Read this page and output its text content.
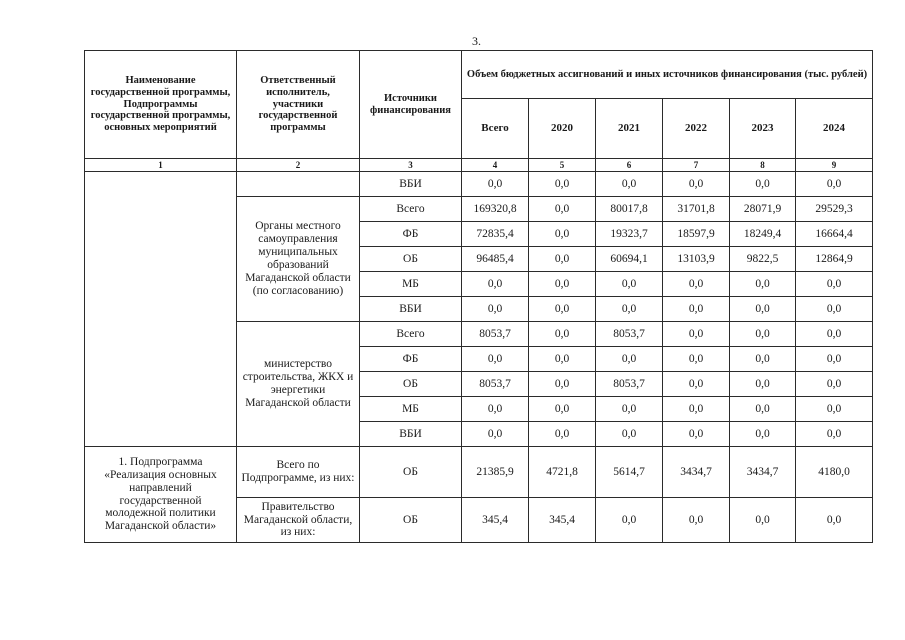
3.
Наименование государственной программы, Подпрограммы государственной программы, основных мероприятий	Ответственный исполнитель, участники государственной программы	Источники финансирования	Объем бюджетных ассигнований и иных источников финансирования (тыс. рублей)					
			Всего	2020	2021	2022	2023	2024
1	2	3	4	5	6	7	8	9
		ВБИ	0,0	0,0	0,0	0,0	0,0	0,0
	Органы местного самоуправления муниципальных образований Магаданской области (по согласованию)	Всего	169320,8	0,0	80017,8	31701,8	28071,9	29529,3
		ФБ	72835,4	0,0	19323,7	18597,9	18249,4	16664,4
		ОБ	96485,4	0,0	60694,1	13103,9	9822,5	12864,9
		МБ	0,0	0,0	0,0	0,0	0,0	0,0
		ВБИ	0,0	0,0	0,0	0,0	0,0	0,0
	министерство строительства, ЖКХ и энергетики Магаданской области	Всего	8053,7	0,0	8053,7	0,0	0,0	0,0
		ФБ	0,0	0,0	0,0	0,0	0,0	0,0
		ОБ	8053,7	0,0	8053,7	0,0	0,0	0,0
		МБ	0,0	0,0	0,0	0,0	0,0	0,0
		ВБИ	0,0	0,0	0,0	0,0	0,0	0,0
1. Подпрограмма «Реализация основных направлений государственной молодежной политики Магаданской области»	Всего по Подпрограмме, из них:	ОБ	21385,9	4721,8	5614,7	3434,7	3434,7	4180,0
	Правительство Магаданской области, из них:	ОБ	345,4	345,4	0,0	0,0	0,0	0,0
